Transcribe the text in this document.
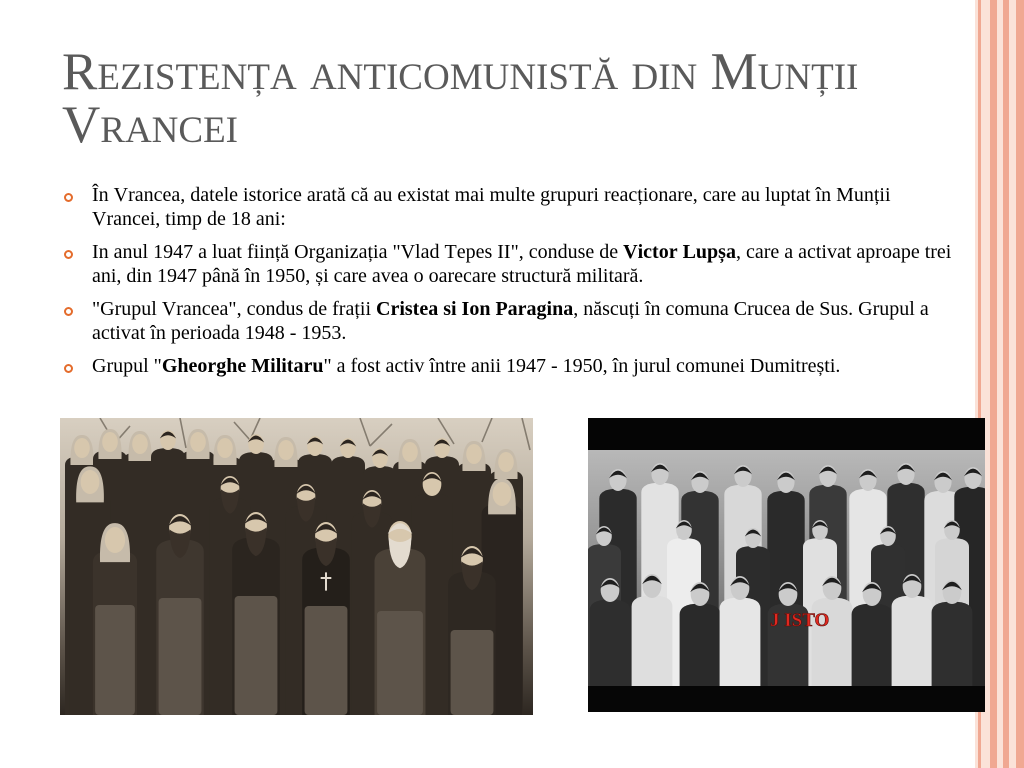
Rezistența anticomunistă din Munții Vrancei
În Vrancea, datele istorice arată că au existat mai multe grupuri reacționare, care au luptat în Munții Vrancei, timp de 18 ani:
In anul 1947 a luat ființă Organizația "Vlad Tepes II", conduse de Victor Lupșa, care a activat aproape trei ani, din 1947 până în 1950, și care avea o oarecare structură militară.
"Grupul Vrancea", condus de frații Cristea si Ion Paragina, născuți în comuna Crucea de Sus. Grupul a activat în perioada 1948 - 1953.
Grupul "Gheorghe Militaru" a fost activ între anii 1947 - 1950, în jurul comunei Dumitrești.
J ISTO
